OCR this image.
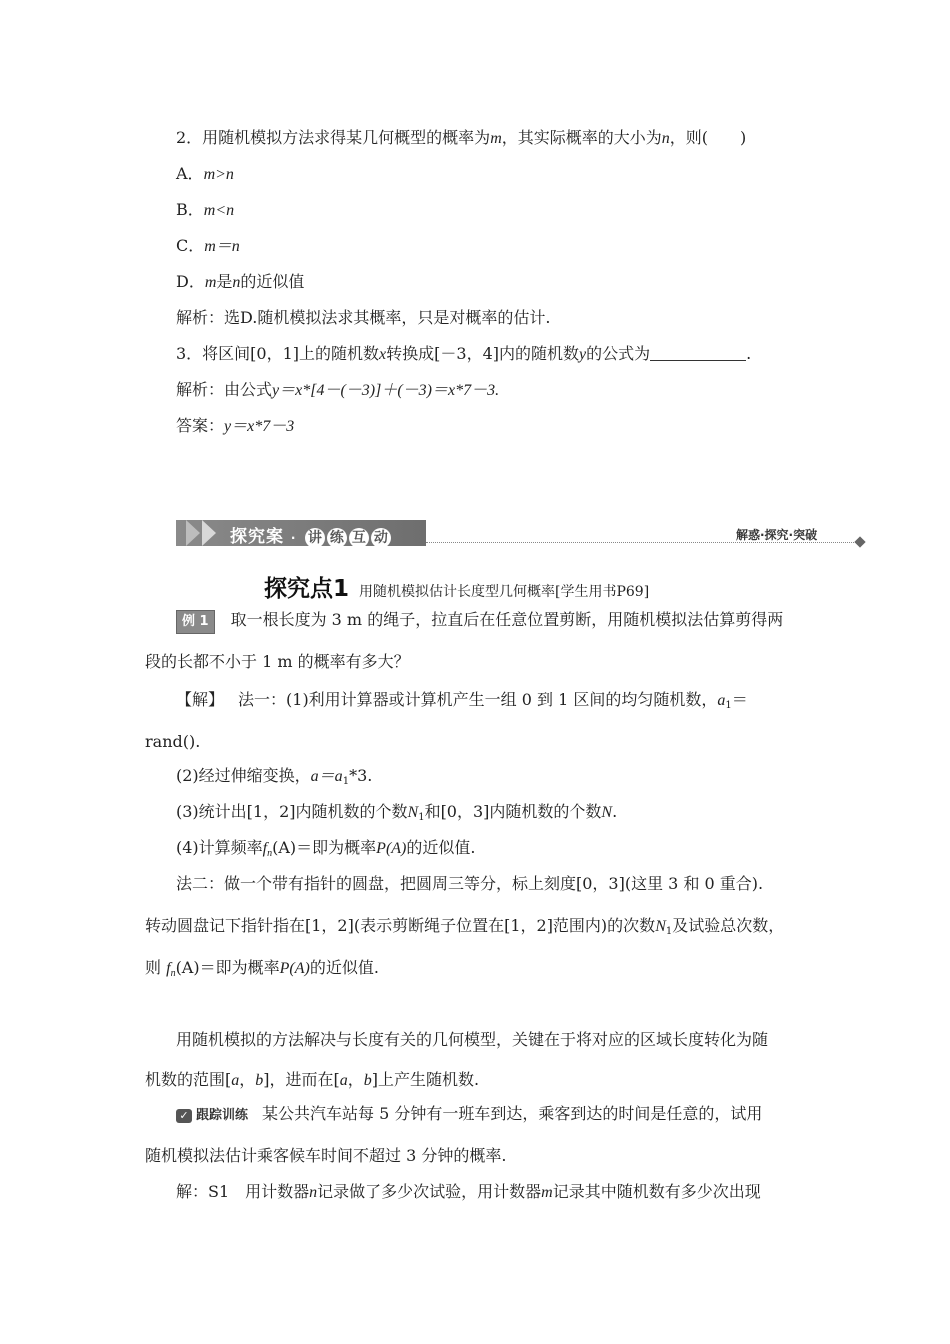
2．用随机模拟方法求得某几何概型的概率为m，其实际概率的大小为n，则(　　)
A．m>n
B．m<n
C．m＝n
D．m是n的近似值
解析：选D.随机模拟法求其概率，只是对概率的估计.
3．将区间[0，1]上的随机数x转换成[－3，4]内的随机数y的公式为	.
解析：由公式y＝x*[4－(－3)]＋(－3)＝x*7－3.
答案：y＝x*7－3
探究案 · 讲 练 互 动	解惑·探究·突破
探究点1 用随机模拟估计长度型几何概率[学生用书P69]
例 1 取一根长度为 3 m 的绳子，拉直后在任意位置剪断，用随机模拟法估算剪得两
段的长都不小于 1 m 的概率有多大？
【解】 法一：(1)利用计算器或计算机产生一组 0 到 1 区间的均匀随机数，$a_1=$
rand().
(2)经过伸缩变换，$a=a_1*3$.
(3)统计出[1，2]内随机数的个数$N_1$和[0，3]内随机数的个数N.
(4)计算频率$f_n(A)=$即为概率P(A)的近似值.
法二：做一个带有指针的圆盘，把圆周三等分，标上刻度[0，3](这里 3 和 0 重合).
转动圆盘记下指针指在[1，2](表示剪断绳子位置在[1，2]范围内)的次数$N_1$及试验总次数，
则 $f_n(A)=$即为概率P(A)的近似值.
用随机模拟的方法解决与长度有关的几何模型，关键在于将对应的区域长度转化为随
机数的范围[a，b]，进而在[a，b]上产生随机数.
✓ 跟踪训练 某公共汽车站每 5 分钟有一班车到达，乘客到达的时间是任意的，试用
随机模拟法估计乘客候车时间不超过 3 分钟的概率.
解：S1　用计数器n记录做了多少次试验，用计数器m记录其中随机数有多少次出现
